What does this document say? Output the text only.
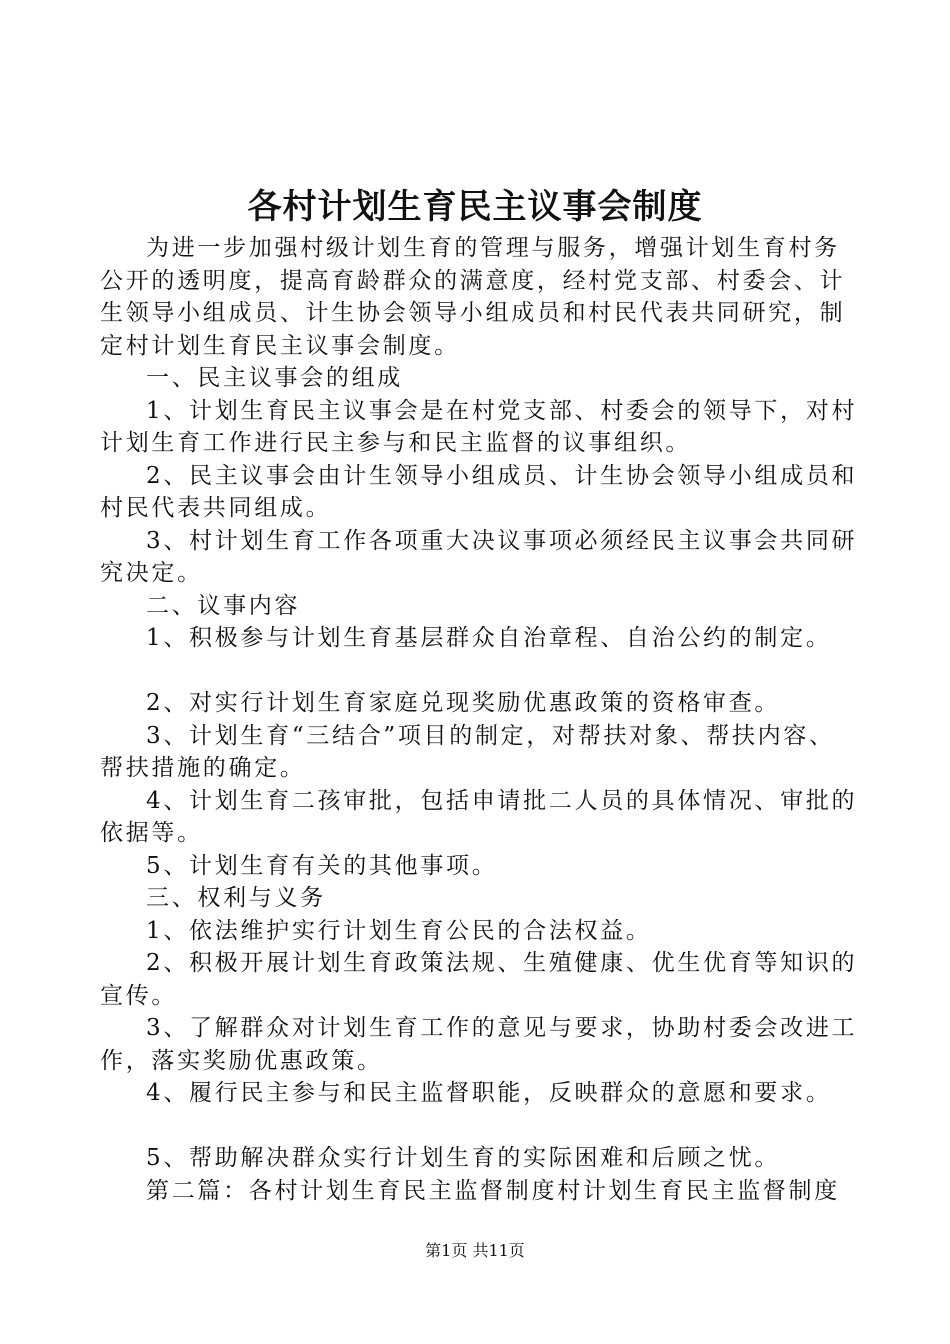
各村计划生育民主议事会制度

为进一步加强村级计划生育的管理与服务，增强计划生育村务公开的透明度，提高育龄群众的满意度，经村党支部、村委会、计生领导小组成员、计生协会领导小组成员和村民代表共同研究，制定村计划生育民主议事会制度。

一、民主议事会的组成

1、计划生育民主议事会是在村党支部、村委会的领导下，对村计划生育工作进行民主参与和民主监督的议事组织。

2、民主议事会由计生领导小组成员、计生协会领导小组成员和村民代表共同组成。

3、村计划生育工作各项重大决议事项必须经民主议事会共同研究决定。

二、议事内容

1、积极参与计划生育基层群众自治章程、自治公约的制定。

2、对实行计划生育家庭兑现奖励优惠政策的资格审查。

3、计划生育“三结合”项目的制定，对帮扶对象、帮扶内容、帮扶措施的确定。

4、计划生育二孩审批，包括申请批二人员的具体情况、审批的依据等。

5、计划生育有关的其他事项。

三、权利与义务

1、依法维护实行计划生育公民的合法权益。

2、积极开展计划生育政策法规、生殖健康、优生优育等知识的宣传。

3、了解群众对计划生育工作的意见与要求，协助村委会改进工作，落实奖励优惠政策。

4、履行民主参与和民主监督职能，反映群众的意愿和要求。

5、帮助解决群众实行计划生育的实际困难和后顾之忧。

第二篇：各村计划生育民主监督制度村计划生育民主监督制度

第1页 共11页
